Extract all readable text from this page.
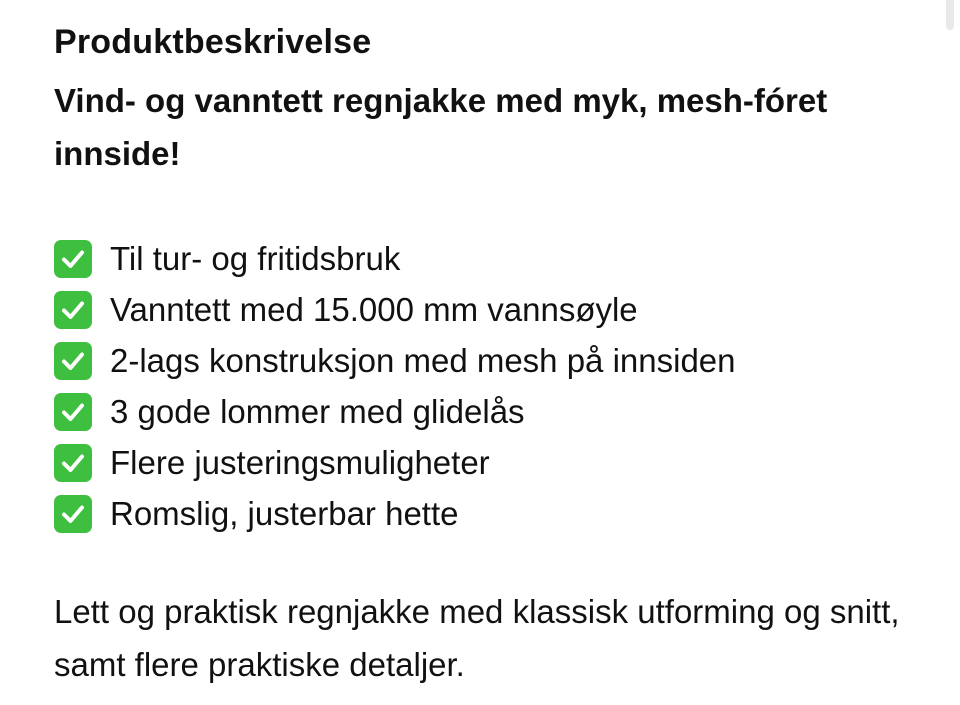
Produktbeskrivelse

Vind- og vanntett regnjakke med myk, mesh-fóret innside!

Til tur- og fritidsbruk
Vanntett med 15.000 mm vannsøyle
2-lags konstruksjon med mesh på innsiden
3 gode lommer med glidelås
Flere justeringsmuligheter
Romslig, justerbar hette

Lett og praktisk regnjakke med klassisk utforming og snitt, samt flere praktiske detaljer.
